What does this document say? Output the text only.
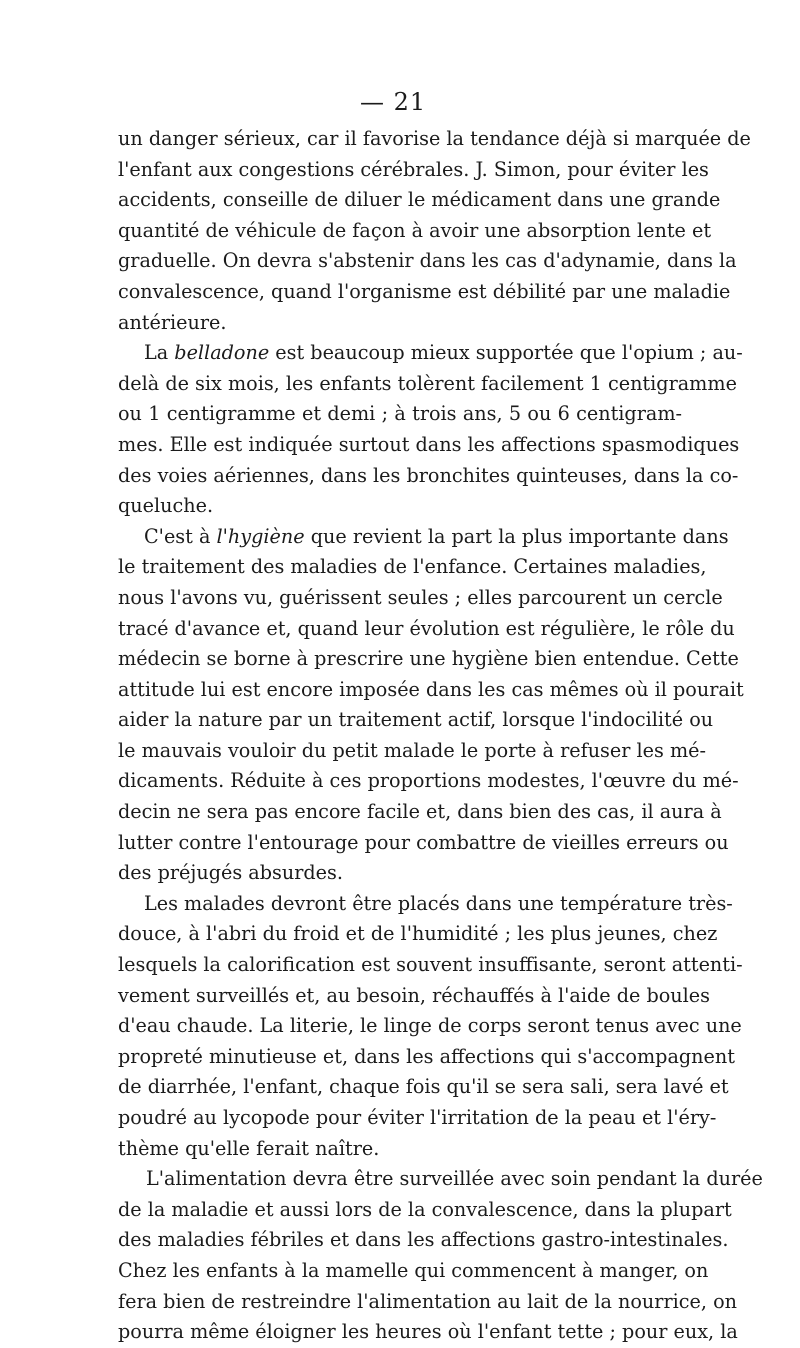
— 21
un danger sérieux, car il favorise la tendance déjà si marquée de
l'enfant aux congestions cérébrales. J. Simon, pour éviter les
accidents, conseille de diluer le médicament dans une grande
quantité de véhicule de façon à avoir une absorption lente et
graduelle. On devra s'abstenir dans les cas d'adynamie, dans la
convalescence, quand l'organisme est débilité par une maladie
antérieure.
La belladone est beaucoup mieux supportée que l'opium ; au-
delà de six mois, les enfants tolèrent facilement 1 centigramme
ou 1 centigramme et demi ; à trois ans, 5 ou 6 centigram-
mes. Elle est indiquée surtout dans les affections spasmodiques
des voies aériennes, dans les bronchites quinteuses, dans la co-
queluche.
C'est à l'hygiène que revient la part la plus importante dans
le traitement des maladies de l'enfance. Certaines maladies,
nous l'avons vu, guérissent seules ; elles parcourent un cercle
tracé d'avance et, quand leur évolution est régulière, le rôle du
médecin se borne à prescrire une hygiène bien entendue. Cette
attitude lui est encore imposée dans les cas mêmes où il pourait
aider la nature par un traitement actif, lorsque l'indocilité ou
le mauvais vouloir du petit malade le porte à refuser les mé-
dicaments. Réduite à ces proportions modestes, l'œuvre du mé-
decin ne sera pas encore facile et, dans bien des cas, il aura à
lutter contre l'entourage pour combattre de vieilles erreurs ou
des préjugés absurdes.
Les malades devront être placés dans une température très-
douce, à l'abri du froid et de l'humidité ; les plus jeunes, chez
lesquels la calorification est souvent insuffisante, seront attenti-
vement surveillés et, au besoin, réchauffés à l'aide de boules
d'eau chaude. La literie, le linge de corps seront tenus avec une
propreté minutieuse et, dans les affections qui s'accompagnent
de diarrhée, l'enfant, chaque fois qu'il se sera sali, sera lavé et
poudré au lycopode pour éviter l'irritation de la peau et l'éry-
thème qu'elle ferait naître.
L'alimentation devra être surveillée avec soin pendant la durée
de la maladie et aussi lors de la convalescence, dans la plupart
des maladies fébriles et dans les affections gastro-intestinales.
Chez les enfants à la mamelle qui commencent à manger, on
fera bien de restreindre l'alimentation au lait de la nourrice, on
pourra même éloigner les heures où l'enfant tette ; pour eux, la
